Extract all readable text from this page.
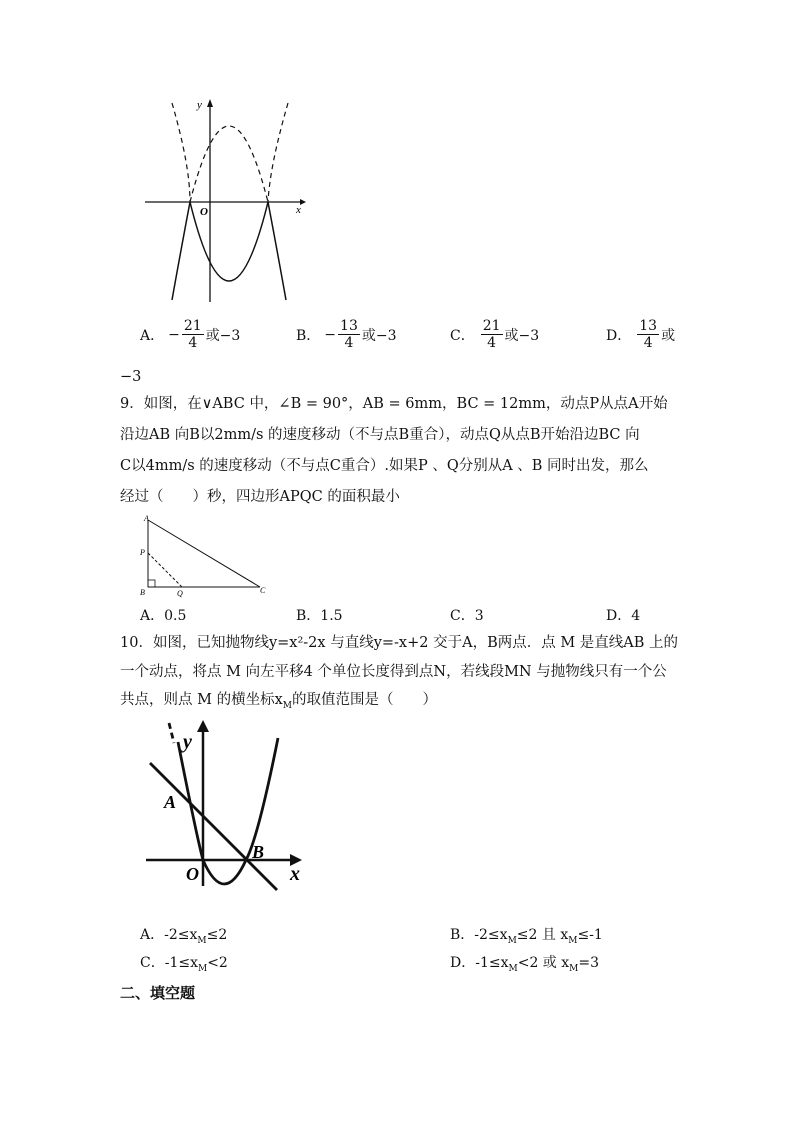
y
x
O
A． − $\frac{21}{4}$ 或−3	B． − $\frac{13}{4}$ 或−3	C． $\frac{21}{4}$ 或−3	D． $\frac{13}{4}$ 或
−3
9．如图，在∨ABC 中，∠B = 90°，AB = 6mm，BC = 12mm，动点P从点A开始
沿边AB 向B以2mm/s 的速度移动（不与点B重合），动点Q从点B开始沿边BC 向
C以4mm/s 的速度移动（不与点C重合）.如果P 、Q分别从A 、B 同时出发，那么
经过（　　）秒，四边形APQC 的面积最小
A
P
B	Q	C
A．0.5	B．1.5	C．3	D．4
10．如图，已知抛物线y=x²-2x 与直线y=-x+2 交于A，B两点．点 M 是直线AB 上的
一个动点，将点 M 向左平移4 个单位长度得到点N，若线段MN 与抛物线只有一个公
共点，则点 M 的横坐标$x_M$的取值范围是（　　）
y
x
A
B
O
A．$-2\le x_M\le 2$	B．$-2\le x_M\le 2$ 且 $x_M\le-1$
C．$-1\le x_M<2$	D．$-1\le x_M<2$ 或 $x_M=3$
二、填空题
